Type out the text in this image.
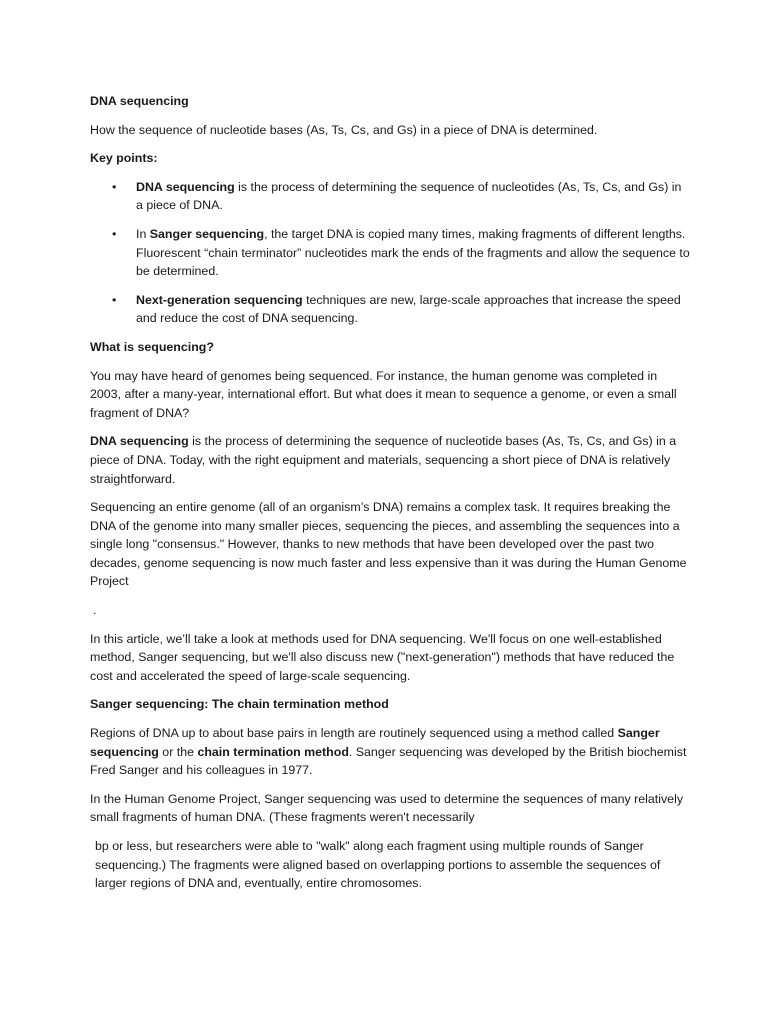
DNA sequencing

How the sequence of nucleotide bases (As, Ts, Cs, and Gs) in a piece of DNA is determined.

Key points:

• DNA sequencing is the process of determining the sequence of nucleotides (As, Ts, Cs, and Gs) in a piece of DNA.
• In Sanger sequencing, the target DNA is copied many times, making fragments of different lengths. Fluorescent “chain terminator” nucleotides mark the ends of the fragments and allow the sequence to be determined.
• Next-generation sequencing techniques are new, large-scale approaches that increase the speed and reduce the cost of DNA sequencing.

What is sequencing?

You may have heard of genomes being sequenced. For instance, the human genome was completed in 2003, after a many-year, international effort. But what does it mean to sequence a genome, or even a small fragment of DNA?

DNA sequencing is the process of determining the sequence of nucleotide bases (As, Ts, Cs, and Gs) in a piece of DNA. Today, with the right equipment and materials, sequencing a short piece of DNA is relatively straightforward.

Sequencing an entire genome (all of an organism’s DNA) remains a complex task. It requires breaking the DNA of the genome into many smaller pieces, sequencing the pieces, and assembling the sequences into a single long "consensus." However, thanks to new methods that have been developed over the past two decades, genome sequencing is now much faster and less expensive than it was during the Human Genome Project

.

In this article, we’ll take a look at methods used for DNA sequencing. We'll focus on one well-established method, Sanger sequencing, but we'll also discuss new ("next-generation") methods that have reduced the cost and accelerated the speed of large-scale sequencing.

Sanger sequencing: The chain termination method

Regions of DNA up to about base pairs in length are routinely sequenced using a method called Sanger sequencing or the chain termination method. Sanger sequencing was developed by the British biochemist Fred Sanger and his colleagues in 1977.

In the Human Genome Project, Sanger sequencing was used to determine the sequences of many relatively small fragments of human DNA. (These fragments weren't necessarily

bp or less, but researchers were able to "walk" along each fragment using multiple rounds of Sanger sequencing.) The fragments were aligned based on overlapping portions to assemble the sequences of larger regions of DNA and, eventually, entire chromosomes.
